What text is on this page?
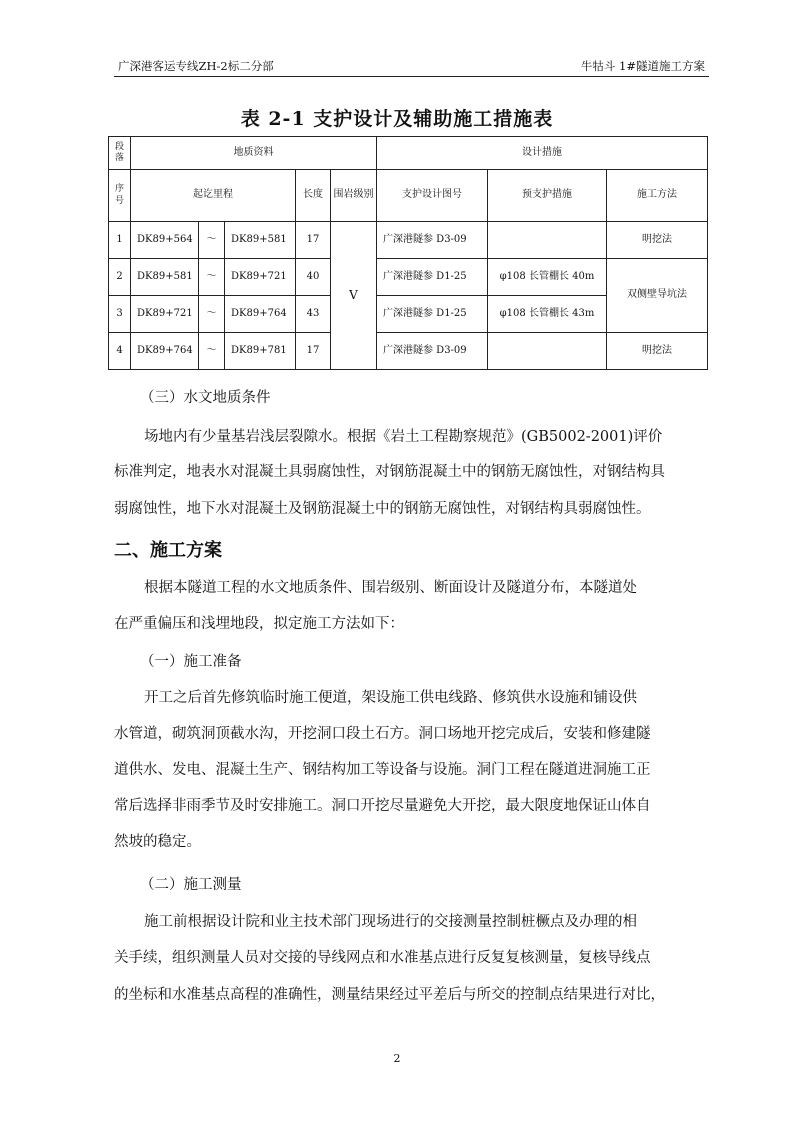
广深港客运专线ZH-2标二分部	牛牯斗 1#隧道施工方案
表 2-1 支护设计及辅助施工措施表
段落	地质资料					设计措施		
序号	起讫里程			长度	围岩级别	支护设计图号	预支护措施	施工方法
1	DK89+564	～	DK89+581	17	Ⅴ	广深港隧参 D3-09		明挖法
2	DK89+581	～	DK89+721	40		广深港隧参 D1-25	φ108 长管棚长 40m	双侧壁导坑法
3	DK89+721	～	DK89+764	43		广深港隧参 D1-25	φ108 长管棚长 43m	
4	DK89+764	～	DK89+781	17		广深港隧参 D3-09		明挖法
（三）水文地质条件
场地内有少量基岩浅层裂隙水。根据《岩土工程勘察规范》(GB5002-2001)评价
标准判定，地表水对混凝土具弱腐蚀性，对钢筋混凝土中的钢筋无腐蚀性，对钢结构具
弱腐蚀性，地下水对混凝土及钢筋混凝土中的钢筋无腐蚀性，对钢结构具弱腐蚀性。
二、施工方案
根据本隧道工程的水文地质条件、围岩级别、断面设计及隧道分布，本隧道处
在严重偏压和浅埋地段，拟定施工方法如下：
（一）施工准备
开工之后首先修筑临时施工便道，架设施工供电线路、修筑供水设施和铺设供
水管道，砌筑洞顶截水沟，开挖洞口段土石方。洞口场地开挖完成后，安装和修建隧
道供水、发电、混凝土生产、钢结构加工等设备与设施。洞门工程在隧道进洞施工正
常后选择非雨季节及时安排施工。洞口开挖尽量避免大开挖，最大限度地保证山体自
然坡的稳定。
（二）施工测量
施工前根据设计院和业主技术部门现场进行的交接测量控制桩橛点及办理的相
关手续，组织测量人员对交接的导线网点和水准基点进行反复复核测量，复核导线点
的坐标和水准基点高程的准确性，测量结果经过平差后与所交的控制点结果进行对比，
2
